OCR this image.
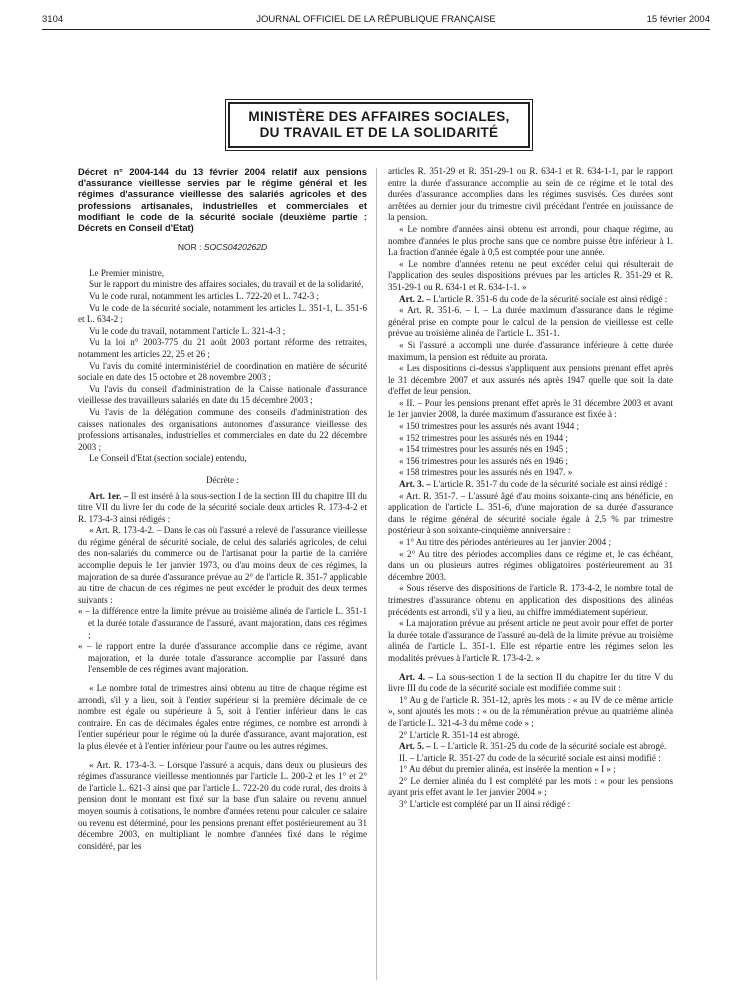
3104	JOURNAL OFFICIEL DE LA RÉPUBLIQUE FRANÇAISE	15 février 2004
MINISTÈRE DES AFFAIRES SOCIALES,
DU TRAVAIL ET DE LA SOLIDARITÉ
Décret n° 2004-144 du 13 février 2004 relatif aux pensions d'assurance vieillesse servies par le régime général et les régimes d'assurance vieillesse des salariés agricoles et des professions artisanales, industrielles et commerciales et modifiant le code de la sécurité sociale (deuxième partie : Décrets en Conseil d'Etat)
NOR : SOCS0420262D

Le Premier ministre,

Sur le rapport du ministre des affaires sociales, du travail et de la solidarité,

Vu le code rural, notamment les articles L. 722-20 et L. 742-3 ;

Vu le code de la sécurité sociale, notamment les articles L. 351-1, L. 351-6 et L. 634-2 ;

Vu le code du travail, notamment l'article L. 321-4-3 ;

Vu la loi n° 2003-775 du 21 août 2003 portant réforme des retraites, notamment les articles 22, 25 et 26 ;

Vu l'avis du comité interministériel de coordination en matière de sécurité sociale en date des 15 octobre et 28 novembre 2003 ;

Vu l'avis du conseil d'administration de la Caisse nationale d'assurance vieillesse des travailleurs salariés en date du 15 décembre 2003 ;

Vu l'avis de la délégation commune des conseils d'administration des caisses nationales des organisations autonomes d'assurance vieillesse des professions artisanales, industrielles et commerciales en date du 22 décembre 2003 ;

Le Conseil d'Etat (section sociale) entendu,

Décrète :

Art. 1er. – Il est inséré à la sous-section I de la section III du chapitre III du titre VII du livre Ier du code de la sécurité sociale deux articles R. 173-4-2 et R. 173-4-3 ainsi rédigés :

« Art. R. 173-4-2. – Dans le cas où l'assuré a relevé de l'assurance vieillesse du régime général de sécurité sociale, de celui des salariés agricoles, de celui des non-salariés du commerce ou de l'artisanat pour la partie de la carrière accomplie depuis le 1er janvier 1973, ou d'au moins deux de ces régimes, la majoration de sa durée d'assurance prévue au 2° de l'article R. 351-7 applicable au titre de chacun de ces régimes ne peut excéder le produit des deux termes suivants :

« – la différence entre la limite prévue au troisième alinéa de l'article L. 351-1 et la durée totale d'assurance de l'assuré, avant majoration, dans ces régimes ;

« – le rapport entre la durée d'assurance accomplie dans ce régime, avant majoration, et la durée totale d'assurance accomplie par l'assuré dans l'ensemble de ces régimes avant majoration.

« Le nombre total de trimestres ainsi obtenu au titre de chaque régime est arrondi, s'il y a lieu, soit à l'entier supérieur si la première décimale de ce nombre est égale ou supérieure à 5, soit à l'entier inférieur dans le cas contraire. En cas de décimales égales entre régimes, ce nombre est arrondi à l'entier supérieur pour le régime où la durée d'assurance, avant majoration, est la plus élevée et à l'entier inférieur pour l'autre ou les autres régimes.

« Art. R. 173-4-3. – Lorsque l'assuré a acquis, dans deux ou plusieurs des régimes d'assurance vieillesse mentionnés par l'article L. 200-2 et les 1° et 2° de l'article L. 621-3 ainsi que par l'article L. 722-20 du code rural, des droits à pension dont le montant est fixé sur la base d'un salaire ou revenu annuel moyen soumis à cotisations, le nombre d'années retenu pour calculer ce salaire ou revenu est déterminé, pour les pensions prenant effet postérieurement au 31 décembre 2003, en multipliant le nombre d'années fixé dans le régime considéré, par les

articles R. 351-29 et R. 351-29-1 ou R. 634-1 et R. 634-1-1, par le rapport entre la durée d'assurance accomplie au sein de ce régime et le total des durées d'assurance accomplies dans les régimes susvisés. Ces durées sont arrêtées au dernier jour du trimestre civil précédant l'entrée en jouissance de la pension.

« Le nombre d'années ainsi obtenu est arrondi, pour chaque régime, au nombre d'années le plus proche sans que ce nombre puisse être inférieur à 1. La fraction d'année égale à 0,5 est comptée pour une année.

« Le nombre d'années retenu ne peut excéder celui qui résulterait de l'application des seules dispositions prévues par les articles R. 351-29 et R. 351-29-1 ou R. 634-1 et R. 634-1-1. »

Art. 2. – L'article R. 351-6 du code de la sécurité sociale est ainsi rédigé :

« Art. R. 351-6. – I. – La durée maximum d'assurance dans le régime général prise en compte pour le calcul de la pension de vieillesse est celle prévue au troisième alinéa de l'article L. 351-1.

« Si l'assuré a accompli une durée d'assurance inférieure à cette durée maximum, la pension est réduite au prorata.

« Les dispositions ci-dessus s'appliquent aux pensions prenant effet après le 31 décembre 2007 et aux assurés nés après 1947 quelle que soit la date d'effet de leur pension.

« II. – Pour les pensions prenant effet après le 31 décembre 2003 et avant le 1er janvier 2008, la durée maximum d'assurance est fixée à :

« 150 trimestres pour les assurés nés avant 1944 ;

« 152 trimestres pour les assurés nés en 1944 ;

« 154 trimestres pour les assurés nés en 1945 ;

« 156 trimestres pour les assurés nés en 1946 ;

« 158 trimestres pour les assurés nés en 1947. »

Art. 3. – L'article R. 351-7 du code de la sécurité sociale est ainsi rédigé :

« Art. R. 351-7. – L'assuré âgé d'au moins soixante-cinq ans bénéficie, en application de l'article L. 351-6, d'une majoration de sa durée d'assurance dans le régime général de sécurité sociale égale à 2,5 % par trimestre postérieur à son soixante-cinquième anniversaire :

« 1° Au titre des périodes antérieures au 1er janvier 2004 ;

« 2° Au titre des périodes accomplies dans ce régime et, le cas échéant, dans un ou plusieurs autres régimes obligatoires postérieurement au 31 décembre 2003.

« Sous réserve des dispositions de l'article R. 173-4-2, le nombre total de trimestres d'assurance obtenu en application des dispositions des alinéas précédents est arrondi, s'il y a lieu, au chiffre immédiatement supérieur.

« La majoration prévue au présent article ne peut avoir pour effet de porter la durée totale d'assurance de l'assuré au-delà de la limite prévue au troisième alinéa de l'article L. 351-1. Elle est répartie entre les régimes selon les modalités prévues à l'article R. 173-4-2. »

Art. 4. – La sous-section 1 de la section II du chapitre Ier du titre V du livre III du code de la sécurité sociale est modifiée comme suit :

1° Au g de l'article R. 351-12, après les mots : « au IV de ce même article », sont ajoutés les mots : « ou de la rémunération prévue au quatrième alinéa de l'article L. 321-4-3 du même code » ;

2° L'article R. 351-14 est abrogé.

Art. 5. – I. – L'article R. 351-25 du code de la sécurité sociale est abrogé.

II. – L'article R. 351-27 du code de la sécurité sociale est ainsi modifié :

1° Au début du premier alinéa, est insérée la mention « I » ;

2° Le dernier alinéa du I est complété par les mots : « pour les pensions ayant pris effet avant le 1er janvier 2004 » ;

3° L'article est complété par un II ainsi rédigé :
